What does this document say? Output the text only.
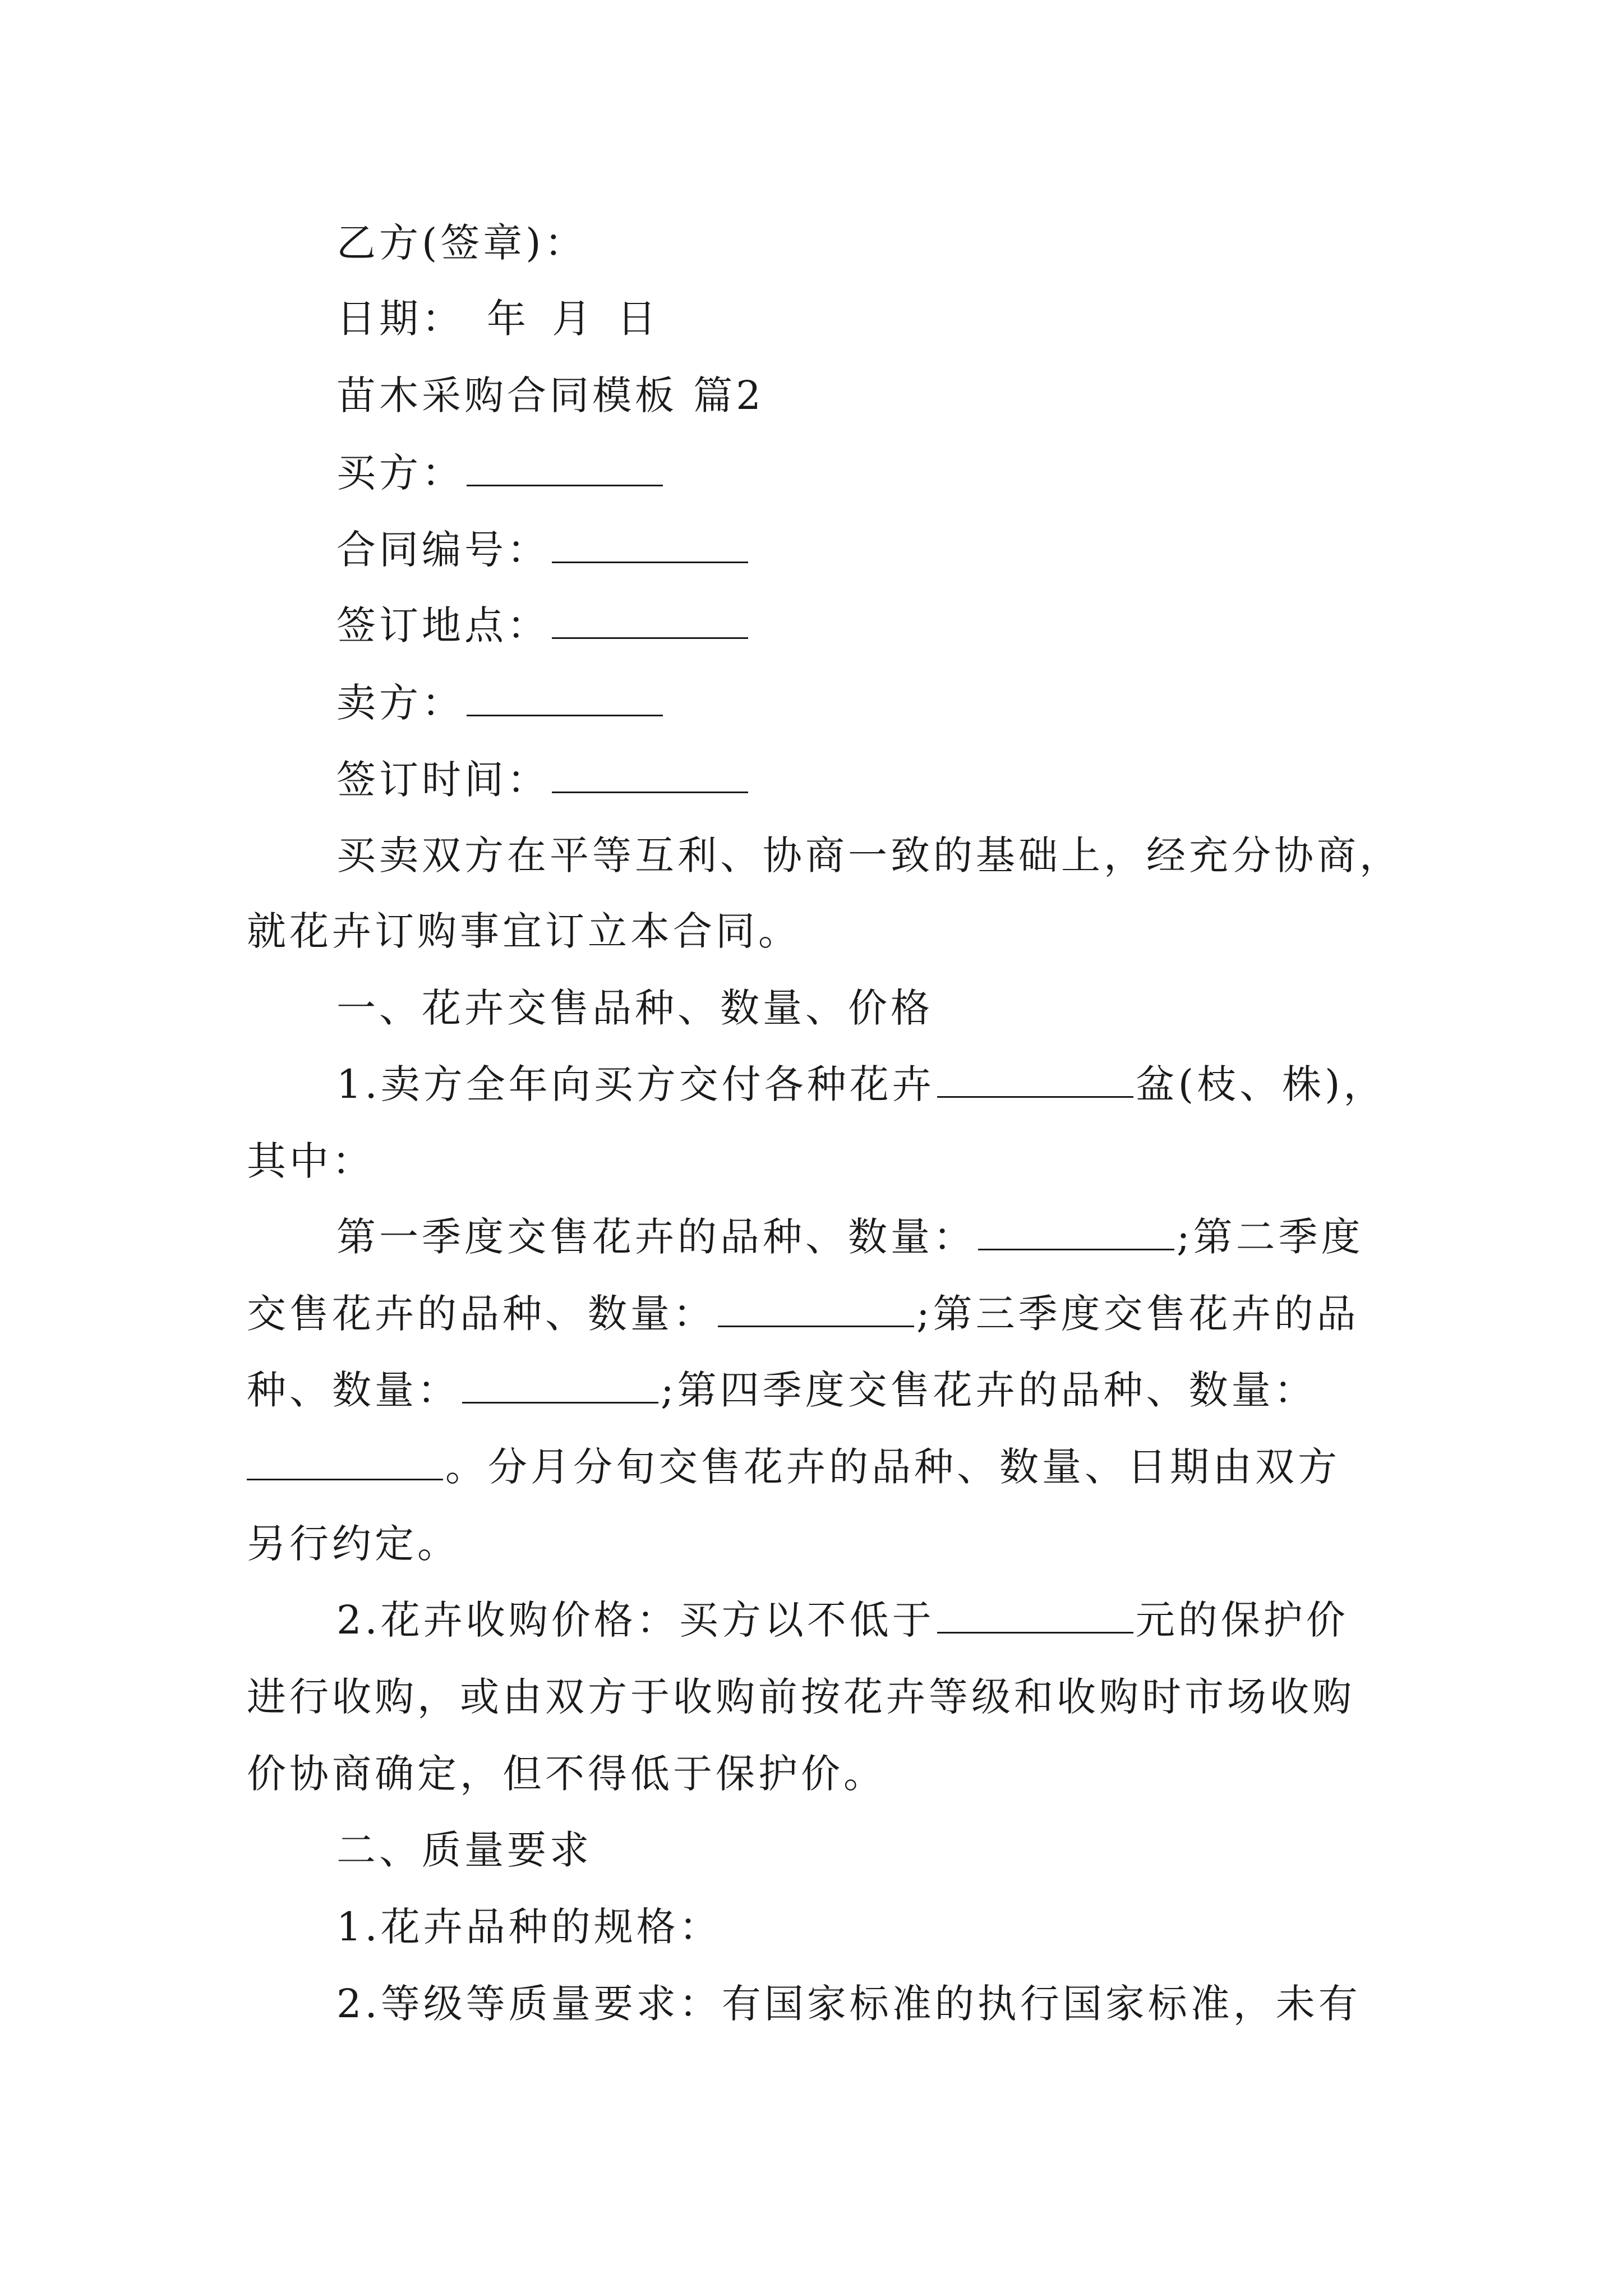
乙方(签章)：
日期： 年 月 日
苗木采购合同模板 篇2
买方：
合同编号：
签订地点：
卖方：
签订时间：
买卖双方在平等互利、协商一致的基础上，经充分协商，
就花卉订购事宜订立本合同。
一、花卉交售品种、数量、价格
1.卖方全年向买方交付各种花卉	盆(枝、株)，
其中：
第一季度交售花卉的品种、数量：	;第二季度
交售花卉的品种、数量：	;第三季度交售花卉的品
种、数量：	;第四季度交售花卉的品种、数量：
。分月分旬交售花卉的品种、数量、日期由双方
另行约定。
2.花卉收购价格：买方以不低于	元的保护价
进行收购，或由双方于收购前按花卉等级和收购时市场收购
价协商确定，但不得低于保护价。
二、质量要求
1.花卉品种的规格：
2.等级等质量要求：有国家标准的执行国家标准，未有
